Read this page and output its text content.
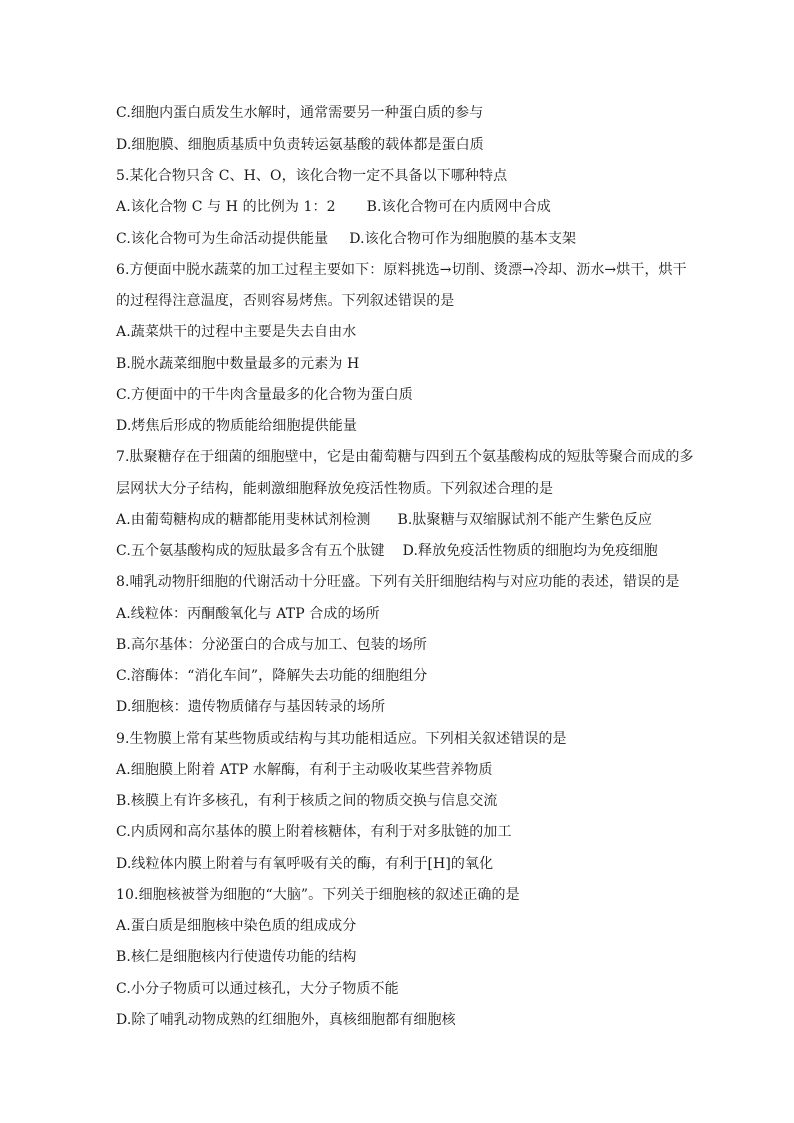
C.细胞内蛋白质发生水解时，通常需要另一种蛋白质的参与
D.细胞膜、细胞质基质中负责转运氨基酸的载体都是蛋白质
5.某化合物只含 C、H、O，该化合物一定不具备以下哪种特点
A.该化合物 C 与 H 的比例为 1：2 B.该化合物可在内质网中合成
C.该化合物可为生命活动提供能量 D.该化合物可作为细胞膜的基本支架
6.方便面中脱水蔬菜的加工过程主要如下：原料挑选→切削、烫漂→冷却、沥水→烘干，烘干
的过程得注意温度，否则容易烤焦。下列叙述错误的是
A.蔬菜烘干的过程中主要是失去自由水
B.脱水蔬菜细胞中数量最多的元素为 H
C.方便面中的干牛肉含量最多的化合物为蛋白质
D.烤焦后形成的物质能给细胞提供能量
7.肽聚糖存在于细菌的细胞壁中，它是由葡萄糖与四到五个氨基酸构成的短肽等聚合而成的多
层网状大分子结构，能刺激细胞释放免疫活性物质。下列叙述合理的是
A.由葡萄糖构成的糖都能用斐林试剂检测 B.肽聚糖与双缩脲试剂不能产生紫色反应
C.五个氨基酸构成的短肽最多含有五个肽键 D.释放免疫活性物质的细胞均为免疫细胞
8.哺乳动物肝细胞的代谢活动十分旺盛。下列有关肝细胞结构与对应功能的表述，错误的是
A.线粒体：丙酮酸氧化与 ATP 合成的场所
B.高尔基体：分泌蛋白的合成与加工、包装的场所
C.溶酶体：“消化车间”，降解失去功能的细胞组分
D.细胞核：遗传物质储存与基因转录的场所
9.生物膜上常有某些物质或结构与其功能相适应。下列相关叙述错误的是
A.细胞膜上附着 ATP 水解酶，有利于主动吸收某些营养物质
B.核膜上有许多核孔，有利于核质之间的物质交换与信息交流
C.内质网和高尔基体的膜上附着核糖体，有利于对多肽链的加工
D.线粒体内膜上附着与有氧呼吸有关的酶，有利于[H]的氧化
10.细胞核被誉为细胞的“大脑”。下列关于细胞核的叙述正确的是
A.蛋白质是细胞核中染色质的组成成分
B.核仁是细胞核内行使遗传功能的结构
C.小分子物质可以通过核孔，大分子物质不能
D.除了哺乳动物成熟的红细胞外，真核细胞都有细胞核
